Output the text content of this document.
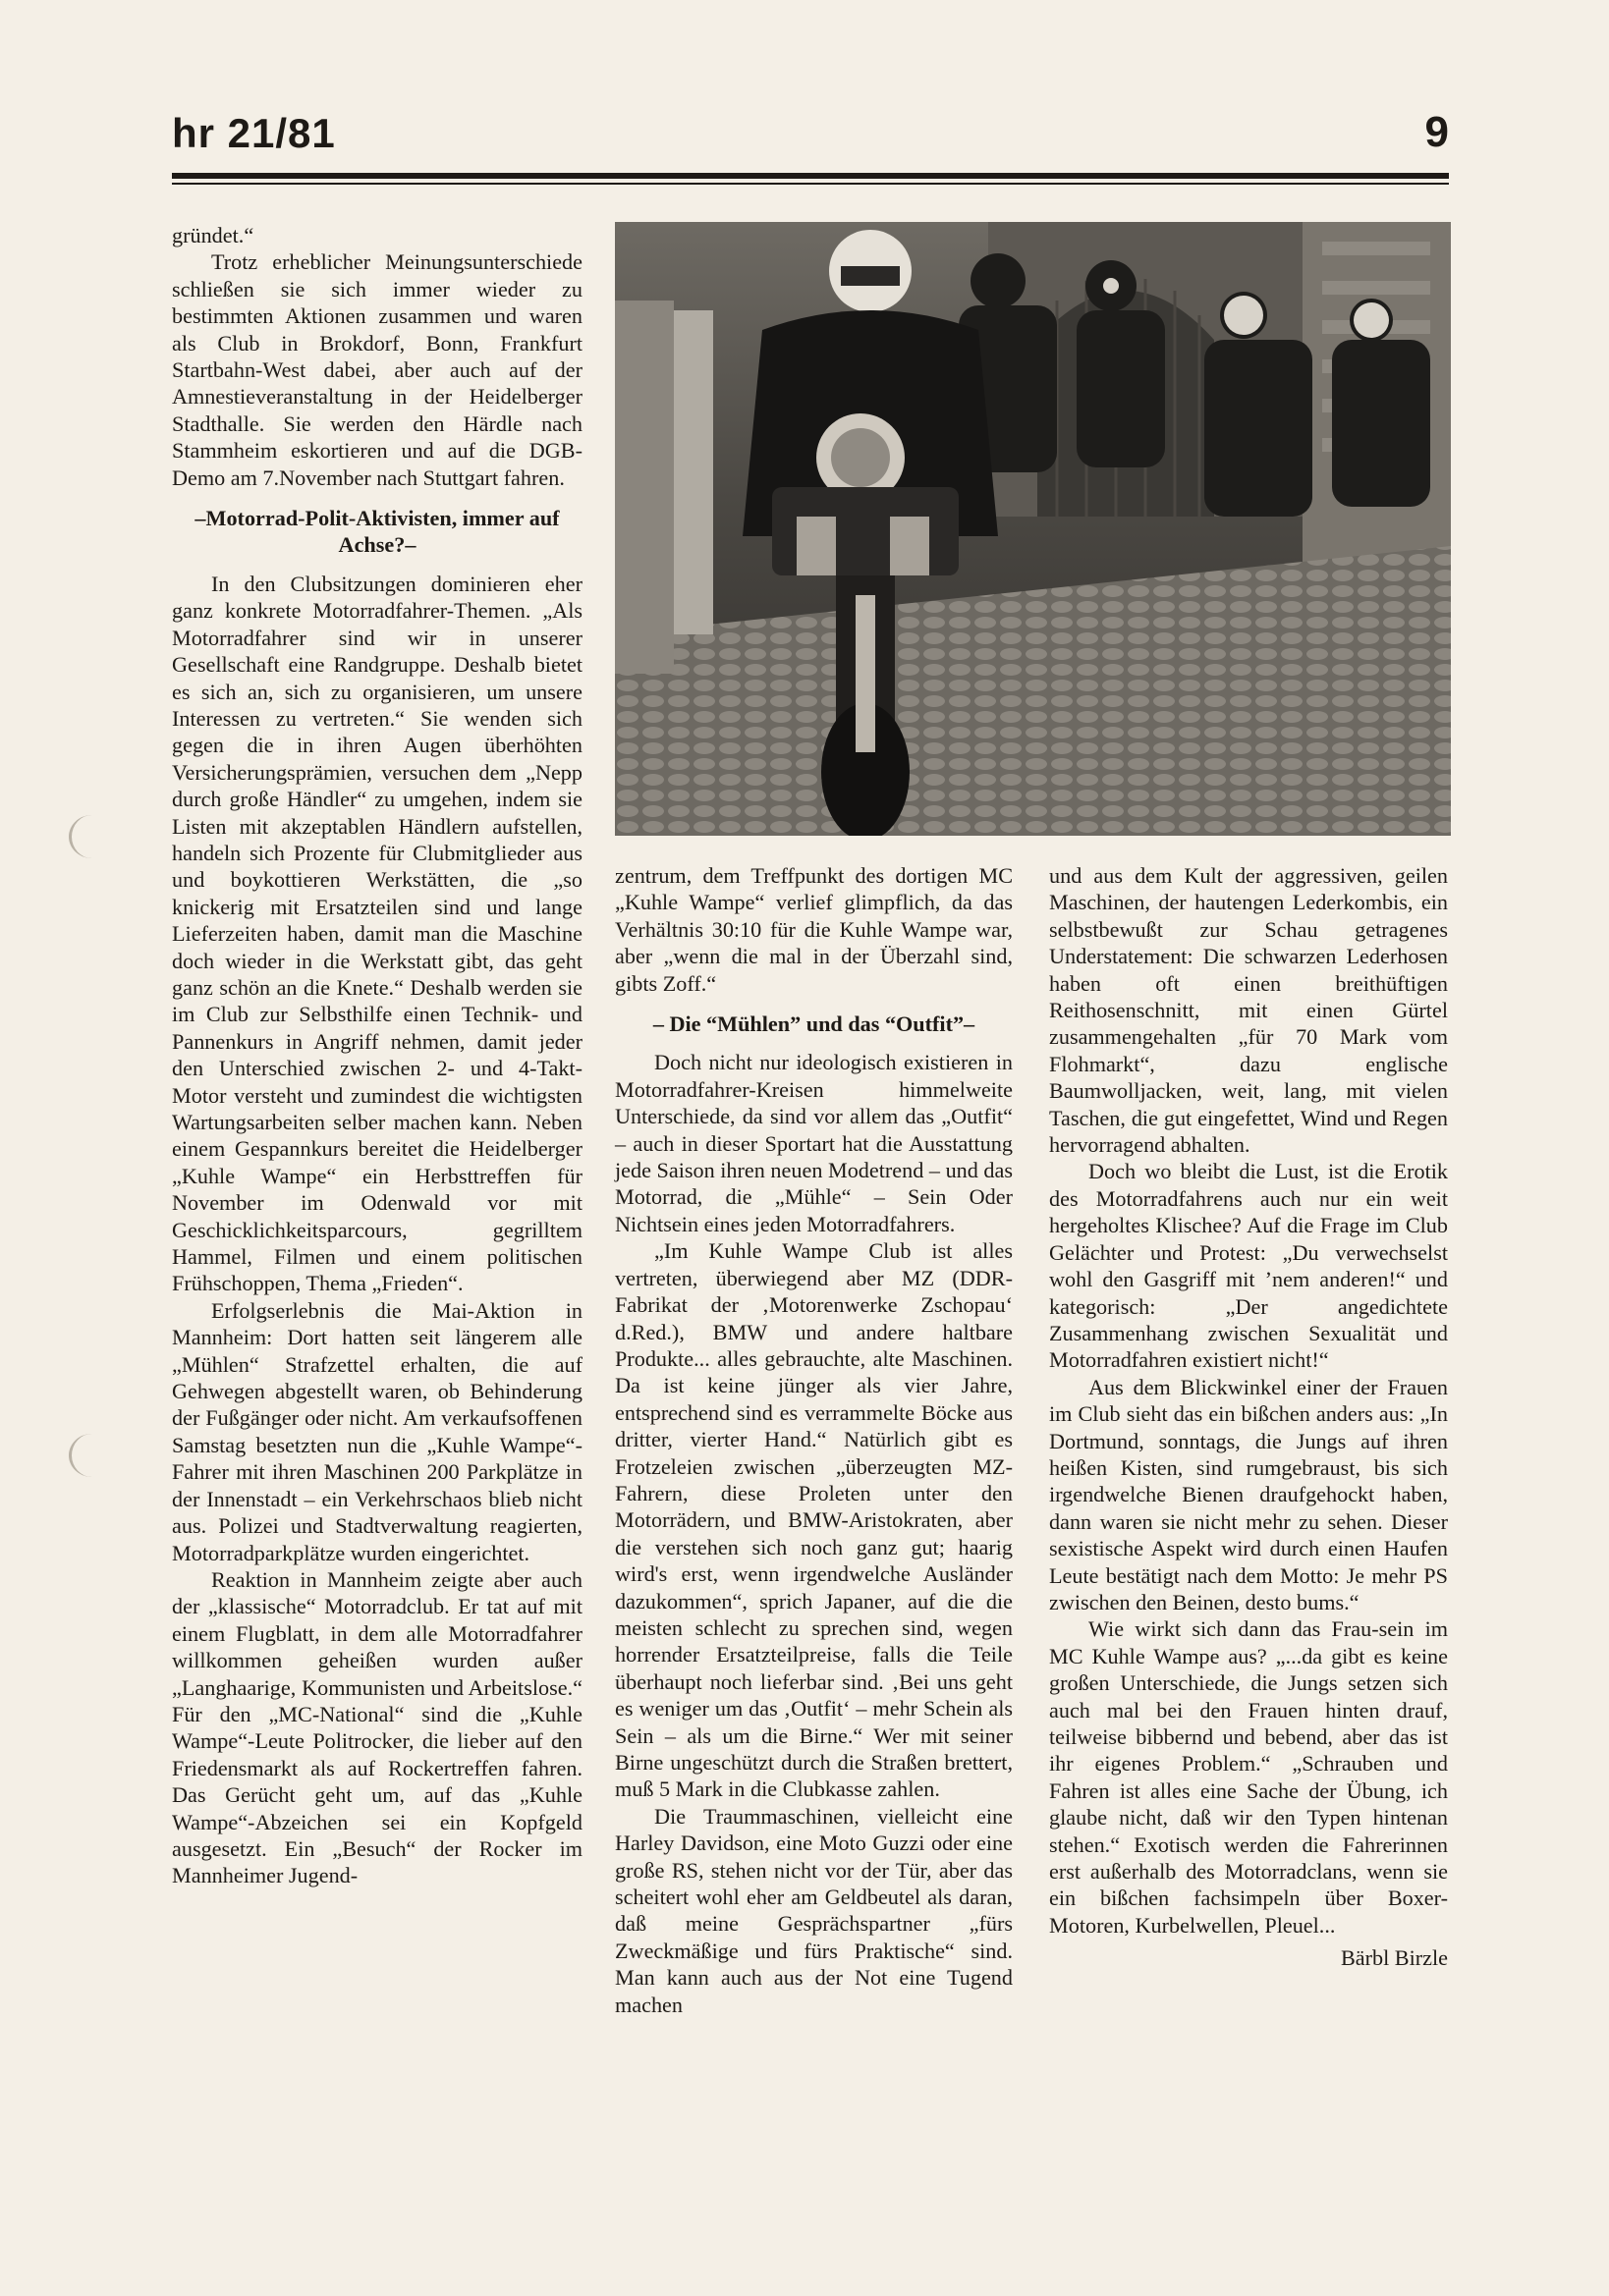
hr 21/81	9

gründet.“

Trotz erheblicher Meinungsunterschiede schließen sie sich immer wieder zu bestimmten Aktionen zusammen und waren als Club in Brokdorf, Bonn, Frankfurt Startbahn-West dabei, aber auch auf der Amnestieveranstaltung in der Heidelberger Stadthalle. Sie werden den Härdle nach Stammheim eskortieren und auf die DGB-Demo am 7.November nach Stuttgart fahren.

–Motorrad-Polit-Aktivisten, immer auf Achse?–

In den Clubsitzungen dominieren eher ganz konkrete Motorradfahrer-Themen. „Als Motorradfahrer sind wir in unserer Gesellschaft eine Randgruppe. Deshalb bietet es sich an, sich zu organisieren, um unsere Interessen zu vertreten.“ Sie wenden sich gegen die in ihren Augen überhöhten Versicherungsprämien, versuchen dem „Nepp durch große Händler“ zu umgehen, indem sie Listen mit akzeptablen Händlern aufstellen, handeln sich Prozente für Clubmitglieder aus und boykottieren Werkstätten, die „so knickerig mit Ersatzteilen sind und lange Lieferzeiten haben, damit man die Maschine doch wieder in die Werkstatt gibt, das geht ganz schön an die Knete.“ Deshalb werden sie im Club zur Selbsthilfe einen Technik- und Pannenkurs in Angriff nehmen, damit jeder den Unterschied zwischen 2- und 4-Takt-Motor versteht und zumindest die wichtigsten Wartungsarbeiten selber machen kann. Neben einem Gespannkurs bereitet die Heidelberger „Kuhle Wampe“ ein Herbsttreffen für November im Odenwald vor mit Geschicklichkeitsparcours, gegrilltem Hammel, Filmen und einem politischen Frühschoppen, Thema „Frieden“.

Erfolgserlebnis die Mai-Aktion in Mannheim: Dort hatten seit längerem alle „Mühlen“ Strafzettel erhalten, die auf Gehwegen abgestellt waren, ob Behinderung der Fußgänger oder nicht. Am verkaufsoffenen Samstag besetzten nun die „Kuhle Wampe“-Fahrer mit ihren Maschinen 200 Parkplätze in der Innenstadt – ein Verkehrschaos blieb nicht aus. Polizei und Stadtverwaltung reagierten, Motorradparkplätze wurden eingerichtet.

Reaktion in Mannheim zeigte aber auch der „klassische“ Motorradclub. Er tat auf mit einem Flugblatt, in dem alle Motorradfahrer willkommen geheißen wurden außer „Langhaarige, Kommunisten und Arbeitslose.“ Für den „MC-National“ sind die „Kuhle Wampe“-Leute Politrocker, die lieber auf den Friedensmarkt als auf Rockertreffen fahren. Das Gerücht geht um, auf das „Kuhle Wampe“-Abzeichen sei ein Kopfgeld ausgesetzt. Ein „Besuch“ der Rocker im Mannheimer Jugend-

zentrum, dem Treffpunkt des dortigen MC „Kuhle Wampe“ verlief glimpflich, da das Verhältnis 30:10 für die Kuhle Wampe war, aber „wenn die mal in der Überzahl sind, gibts Zoff.“

– Die “Mühlen” und das “Outfit”–

Doch nicht nur ideologisch existieren in Motorradfahrer-Kreisen himmelweite Unterschiede, da sind vor allem das „Outfit“ – auch in dieser Sportart hat die Ausstattung jede Saison ihren neuen Modetrend – und das Motorrad, die „Mühle“ – Sein Oder Nichtsein eines jeden Motorradfahrers.

„Im Kuhle Wampe Club ist alles vertreten, überwiegend aber MZ (DDR-Fabrikat der ‚Motorenwerke Zschopau‘ d.Red.), BMW und andere haltbare Produkte... alles gebrauchte, alte Maschinen. Da ist keine jünger als vier Jahre, entsprechend sind es verrammelte Böcke aus dritter, vierter Hand.“ Natürlich gibt es Frotzeleien zwischen „überzeugten MZ-Fahrern, diese Proleten unter den Motorrädern, und BMW-Aristokraten, aber die verstehen sich noch ganz gut; haarig wird's erst, wenn irgendwelche Ausländer dazukommen“, sprich Japaner, auf die die meisten schlecht zu sprechen sind, wegen horrender Ersatzteilpreise, falls die Teile überhaupt noch lieferbar sind. ‚Bei uns geht es weniger um das ‚Outfit‘ – mehr Schein als Sein – als um die Birne.“ Wer mit seiner Birne ungeschützt durch die Straßen brettert, muß 5 Mark in die Clubkasse zahlen.

Die Traummaschinen, vielleicht eine Harley Davidson, eine Moto Guzzi oder eine große RS, stehen nicht vor der Tür, aber das scheitert wohl eher am Geldbeutel als daran, daß meine Gesprächspartner „fürs Zweckmäßige und fürs Praktische“ sind. Man kann auch aus der Not eine Tugend machen

und aus dem Kult der aggressiven, geilen Maschinen, der hautengen Lederkombis, ein selbstbewußt zur Schau getragenes Understatement: Die schwarzen Lederhosen haben oft einen breithüftigen Reithosenschnitt, mit einen Gürtel zusammengehalten „für 70 Mark vom Flohmarkt“, dazu englische Baumwolljacken, weit, lang, mit vielen Taschen, die gut eingefettet, Wind und Regen hervorragend abhalten.

Doch wo bleibt die Lust, ist die Erotik des Motorradfahrens auch nur ein weit hergeholtes Klischee? Auf die Frage im Club Gelächter und Protest: „Du verwechselst wohl den Gasgriff mit ’nem anderen!“ und kategorisch: „Der angedichtete Zusammenhang zwischen Sexualität und Motorradfahren existiert nicht!“

Aus dem Blickwinkel einer der Frauen im Club sieht das ein bißchen anders aus: „In Dortmund, sonntags, die Jungs auf ihren heißen Kisten, sind rumgebraust, bis sich irgendwelche Bienen draufgehockt haben, dann waren sie nicht mehr zu sehen. Dieser sexistische Aspekt wird durch einen Haufen Leute bestätigt nach dem Motto: Je mehr PS zwischen den Beinen, desto bums.“

Wie wirkt sich dann das Frau-sein im MC Kuhle Wampe aus? „...da gibt es keine großen Unterschiede, die Jungs setzen sich auch mal bei den Frauen hinten drauf, teilweise bibbernd und bebend, aber das ist ihr eigenes Problem.“ „Schrauben und Fahren ist alles eine Sache der Übung, ich glaube nicht, daß wir den Typen hintenan stehen.“ Exotisch werden die Fahrerinnen erst außerhalb des Motorradclans, wenn sie ein bißchen fachsimpeln über Boxer-Motoren, Kurbelwellen, Pleuel...

Bärbl Birzle
